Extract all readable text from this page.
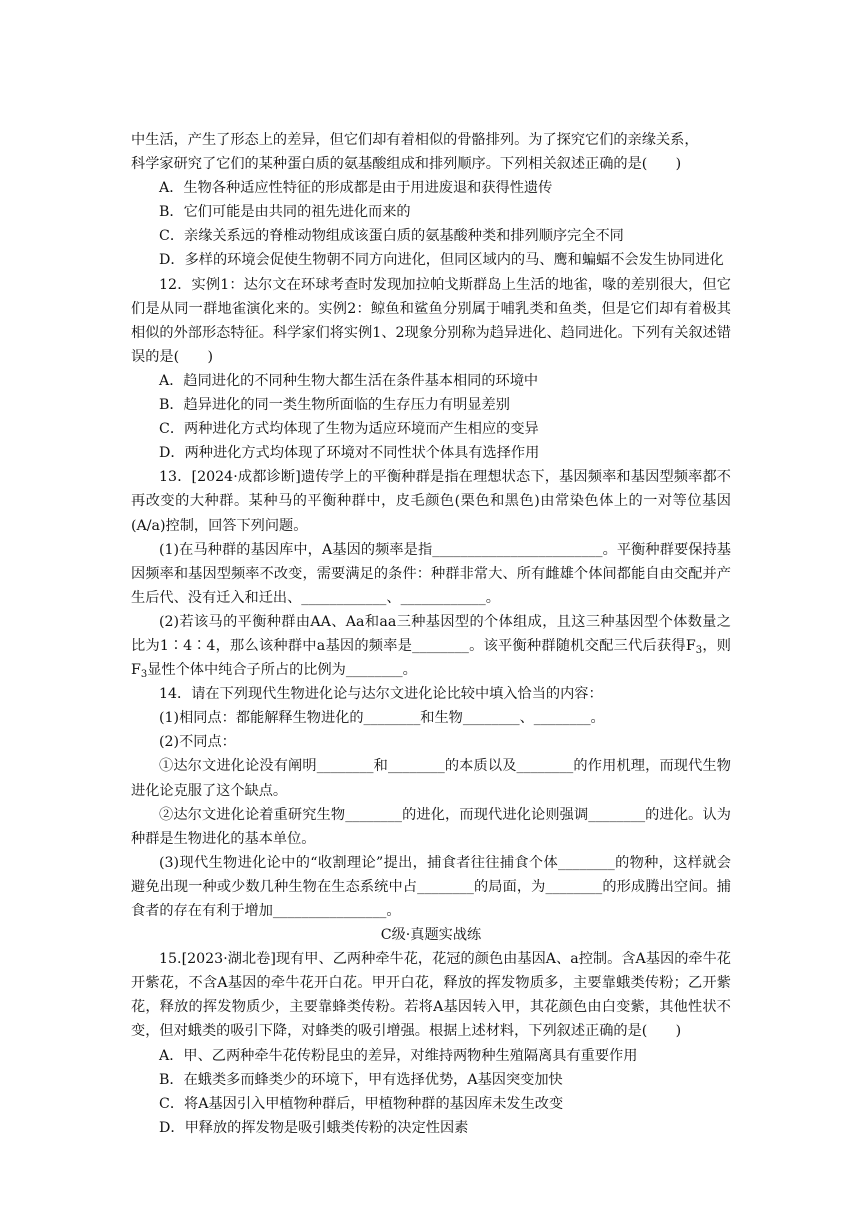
中生活，产生了形态上的差异，但它们却有着相似的骨骼排列。为了探究它们的亲缘关系，

科学家研究了它们的某种蛋白质的氨基酸组成和排列顺序。下列相关叙述正确的是(　　)

A．生物各种适应性特征的形成都是由于用进废退和获得性遗传

B．它们可能是由共同的祖先进化而来的

C．亲缘关系远的脊椎动物组成该蛋白质的氨基酸种类和排列顺序完全不同

D．多样的环境会促使生物朝不同方向进化，但同区域内的马、鹰和蝙蝠不会发生协同进化

12．实例1：达尔文在环球考查时发现加拉帕戈斯群岛上生活的地雀，喙的差别很大，但它们是从同一群地雀演化来的。实例2：鲸鱼和鲨鱼分别属于哺乳类和鱼类，但是它们却有着极其相似的外部形态特征。科学家们将实例1、2现象分别称为趋异进化、趋同进化。下列有关叙述错误的是(　　)

A．趋同进化的不同种生物大都生活在条件基本相同的环境中

B．趋异进化的同一类生物所面临的生存压力有明显差别

C．两种进化方式均体现了生物为适应环境而产生相应的变异

D．两种进化方式均体现了环境对不同性状个体具有选择作用

13．[2024·成都诊断]遗传学上的平衡种群是指在理想状态下，基因频率和基因型频率都不再改变的大种群。某种马的平衡种群中，皮毛颜色(栗色和黑色)由常染色体上的一对等位基因(A/a)控制，回答下列问题。

(1)在马种群的基因库中，A基因的频率是指________________________。平衡种群要保持基因频率和基因型频率不改变，需要满足的条件：种群非常大、所有雌雄个体间都能自由交配并产生后代、没有迁入和迁出、____________、____________。

(2)若该马的平衡种群由AA、Aa和aa三种基因型的个体组成，且这三种基因型个体数量之比为1∶4∶4，那么该种群中a基因的频率是________。该平衡种群随机交配三代后获得$F_3$，则$F_3$显性个体中纯合子所占的比例为________。

14．请在下列现代生物进化论与达尔文进化论比较中填入恰当的内容：

(1)相同点：都能解释生物进化的________和生物________、________。

(2)不同点：

①达尔文进化论没有阐明________和________的本质以及________的作用机理，而现代生物进化论克服了这个缺点。

②达尔文进化论着重研究生物________的进化，而现代进化论则强调________的进化。认为种群是生物进化的基本单位。

(3)现代生物进化论中的“收割理论”提出，捕食者往往捕食个体________的物种，这样就会避免出现一种或少数几种生物在生态系统中占________的局面，为________的形成腾出空间。捕食者的存在有利于增加________________。

C级·真题实战练

15.[2023·湖北卷]现有甲、乙两种牵牛花，花冠的颜色由基因A、a控制。含A基因的牵牛花开紫花，不含A基因的牵牛花开白花。甲开白花，释放的挥发物质多，主要靠蛾类传粉；乙开紫花，释放的挥发物质少，主要靠蜂类传粉。若将A基因转入甲，其花颜色由白变紫，其他性状不变，但对蛾类的吸引下降，对蜂类的吸引增强。根据上述材料，下列叙述正确的是(　　)

A．甲、乙两种牵牛花传粉昆虫的差异，对维持两物种生殖隔离具有重要作用

B．在蛾类多而蜂类少的环境下，甲有选择优势，A基因突变加快

C．将A基因引入甲植物种群后，甲植物种群的基因库未发生改变

D．甲释放的挥发物是吸引蛾类传粉的决定性因素
